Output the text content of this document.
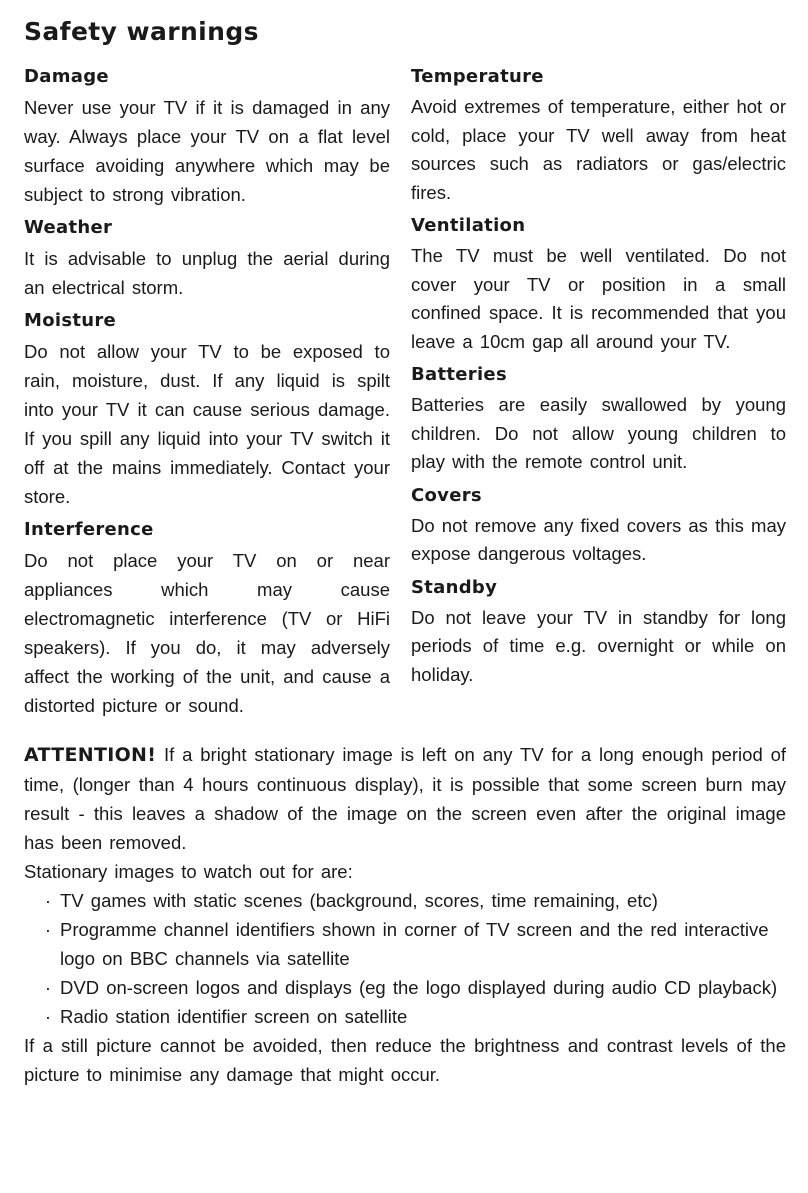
Safety warnings
Damage

Never use your TV if it is damaged in any way. Always place your TV on a flat level surface avoiding anywhere which may be subject to strong vibration.

Weather

It is advisable to unplug the aerial during an electrical storm.

Moisture

Do not allow your TV to be exposed to rain, moisture, dust. If any liquid is spilt into your TV it can cause serious damage. If you spill any liquid into your TV switch it off at the mains immediately. Contact your store.

Interference

Do not place your TV on or near appliances which may cause electromagnetic interference (TV or HiFi speakers). If you do, it may adversely affect the working of the unit, and cause a distorted picture or sound.

Temperature

Avoid extremes of temperature, either hot or cold, place your TV well away from heat sources such as radiators or gas/electric fires.

Ventilation

The TV must be well ventilated. Do not cover your TV or position in a small confined space. It is recommended that you leave a 10cm gap all around your TV.

Batteries

Batteries are easily swallowed by young children. Do not allow young children to play with the remote control unit.

Covers

Do not remove any fixed covers as this may expose dangerous voltages.

Standby

Do not leave your TV in standby for long periods of time e.g. overnight or while on holiday.

ATTENTION! If a bright stationary image is left on any TV for a long enough period of time, (longer than 4 hours continuous display), it is possible that some screen burn may result - this leaves a shadow of the image on the screen even after the original image has been removed.

Stationary images to watch out for are:

· TV games with static scenes (background, scores, time remaining, etc)
· Programme channel identifiers shown in corner of TV screen and the red interactive logo on BBC channels via satellite
· DVD on-screen logos and displays (eg the logo displayed during audio CD playback)
· Radio station identifier screen on satellite

If a still picture cannot be avoided, then reduce the brightness and contrast levels of the picture to minimise any damage that might occur.
